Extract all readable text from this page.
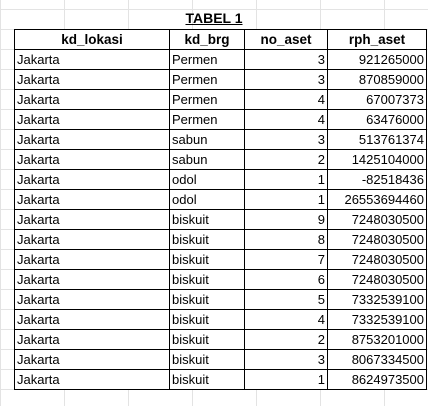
TABEL 1
kd_lokasi	kd_brg	no_aset	rph_aset
Jakarta	Permen	3	921265000
Jakarta	Permen	3	870859000
Jakarta	Permen	4	67007373
Jakarta	Permen	4	63476000
Jakarta	sabun	3	513761374
Jakarta	sabun	2	1425104000
Jakarta	odol	1	-82518436
Jakarta	odol	1	26553694460
Jakarta	biskuit	9	7248030500
Jakarta	biskuit	8	7248030500
Jakarta	biskuit	7	7248030500
Jakarta	biskuit	6	7248030500
Jakarta	biskuit	5	7332539100
Jakarta	biskuit	4	7332539100
Jakarta	biskuit	2	8753201000
Jakarta	biskuit	3	8067334500
Jakarta	biskuit	1	8624973500
